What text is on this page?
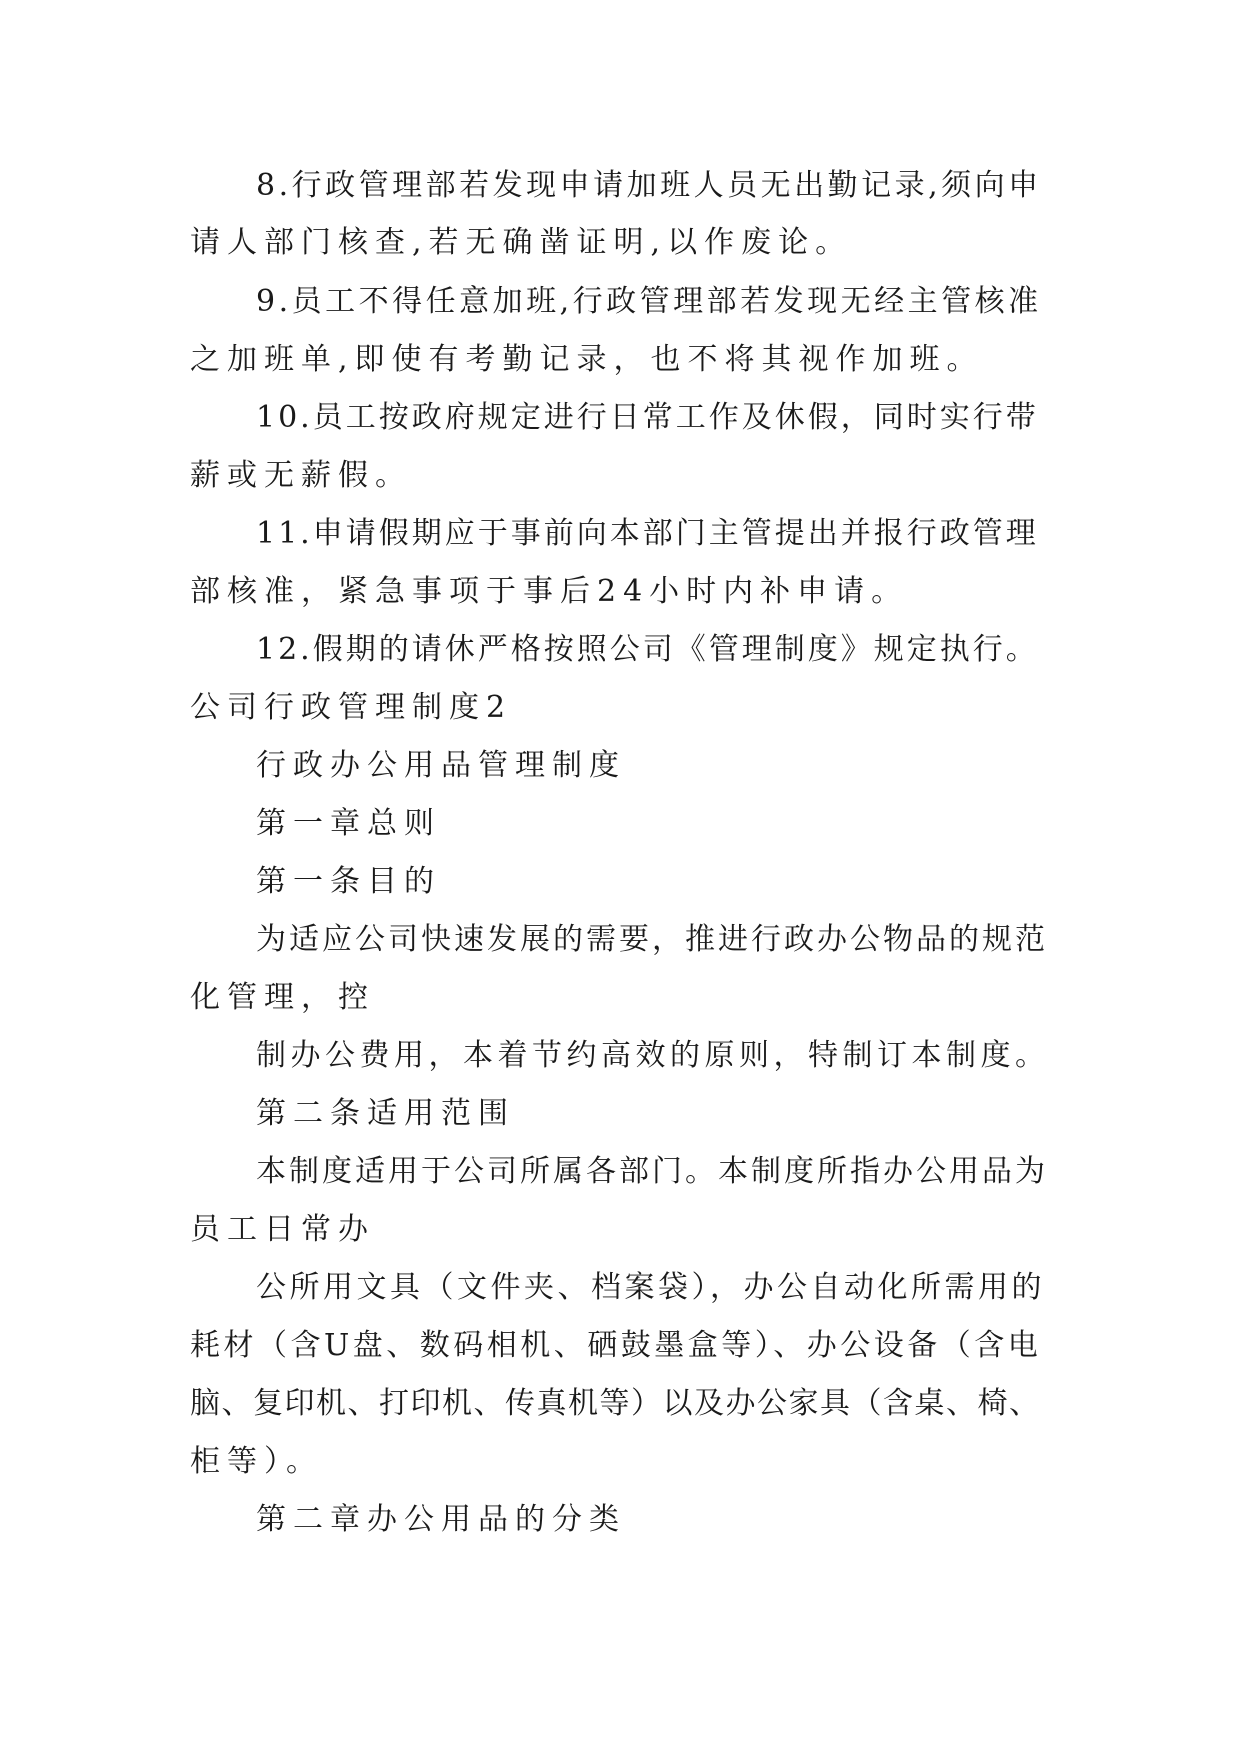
8.行政管理部若发现申请加班人员无出勤记录,须向申
请人部门核查,若无确凿证明,以作废论。
9.员工不得任意加班,行政管理部若发现无经主管核准
之加班单,即使有考勤记录，也不将其视作加班。
10.员工按政府规定进行日常工作及休假，同时实行带
薪或无薪假。
11.申请假期应于事前向本部门主管提出并报行政管理
部核准，紧急事项于事后24小时内补申请。
12.假期的请休严格按照公司《管理制度》规定执行。
公司行政管理制度2
行政办公用品管理制度
第一章总则
第一条目的
为适应公司快速发展的需要，推进行政办公物品的规范
化管理，控
制办公费用，本着节约高效的原则，特制订本制度。
第二条适用范围
本制度适用于公司所属各部门。本制度所指办公用品为
员工日常办
公所用文具（文件夹、档案袋），办公自动化所需用的
耗材（含U盘、数码相机、硒鼓墨盒等）、办公设备（含电
脑、复印机、打印机、传真机等）以及办公家具（含桌、椅、
柜等）。
第二章办公用品的分类
